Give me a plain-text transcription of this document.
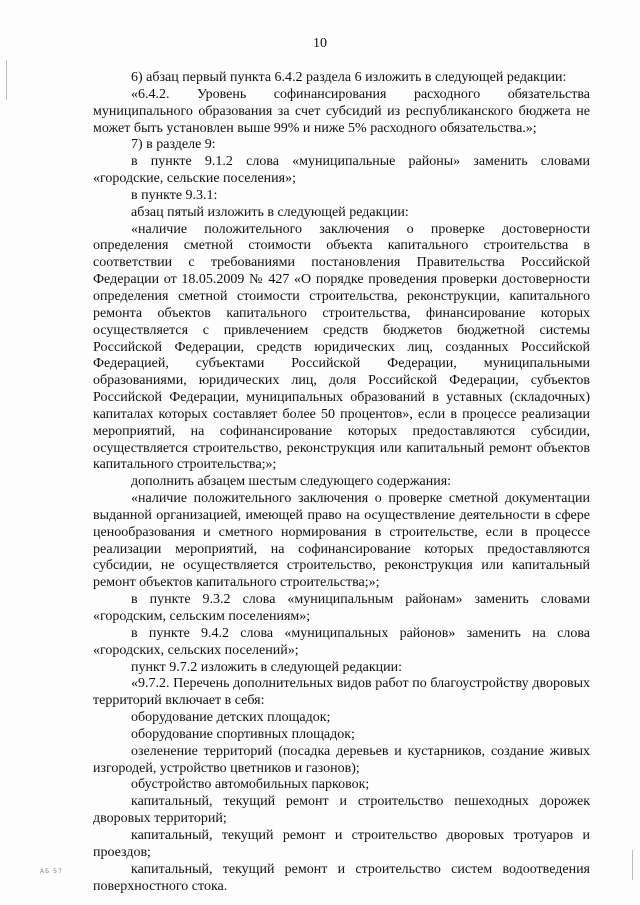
10

6) абзац первый пункта 6.4.2 раздела 6 изложить в следующей редакции:

«6.4.2. Уровень софинансирования расходного обязательства муниципального образования за счет субсидий из республиканского бюджета не может быть установлен выше 99% и ниже 5% расходного обязательства.»;

7) в разделе 9:

в пункте 9.1.2 слова «муниципальные районы» заменить словами «городские, сельские поселения»;

в пункте 9.3.1:

абзац пятый изложить в следующей редакции:

«наличие положительного заключения о проверке достоверности определения сметной стоимости объекта капитального строительства в соответствии с требованиями постановления Правительства Российской Федерации от 18.05.2009 № 427 «О порядке проведения проверки достоверности определения сметной стоимости строительства, реконструкции, капитального ремонта объектов капитального строительства, финансирование которых осуществляется с привлечением средств бюджетов бюджетной системы Российской Федерации, средств юридических лиц, созданных Российской Федерацией, субъектами Российской Федерации, муниципальными образованиями, юридических лиц, доля Российской Федерации, субъектов Российской Федерации, муниципальных образований в уставных (складочных) капиталах которых составляет более 50 процентов», если в процессе реализации мероприятий, на софинансирование которых предоставляются субсидии, осуществляется строительство, реконструкция или капитальный ремонт объектов капитального строительства;»;

дополнить абзацем шестым следующего содержания:

«наличие положительного заключения о проверке сметной документации выданной организацией, имеющей право на осуществление деятельности в сфере ценообразования и сметного нормирования в строительстве, если в процессе реализации мероприятий, на софинансирование которых предоставляются субсидии, не осуществляется строительство, реконструкция или капитальный ремонт объектов капитального строительства;»;

в пункте 9.3.2 слова «муниципальным районам» заменить словами «городским, сельским поселениям»;

в пункте 9.4.2 слова «муниципальных районов» заменить на слова «городских, сельских поселений»;

пункт 9.7.2 изложить в следующей редакции:

«9.7.2. Перечень дополнительных видов работ по благоустройству дворовых территорий включает в себя:

оборудование детских площадок;

оборудование спортивных площадок;

озеленение территорий (посадка деревьев и кустарников, создание живых изгородей, устройство цветников и газонов);

обустройство автомобильных парковок;

капитальный, текущий ремонт и строительство пешеходных дорожек дворовых территорий;

капитальный, текущий ремонт и строительство дворовых тротуаров и проездов;

капитальный, текущий ремонт и строительство систем водоотведения поверхностного стока.

АБ 57
